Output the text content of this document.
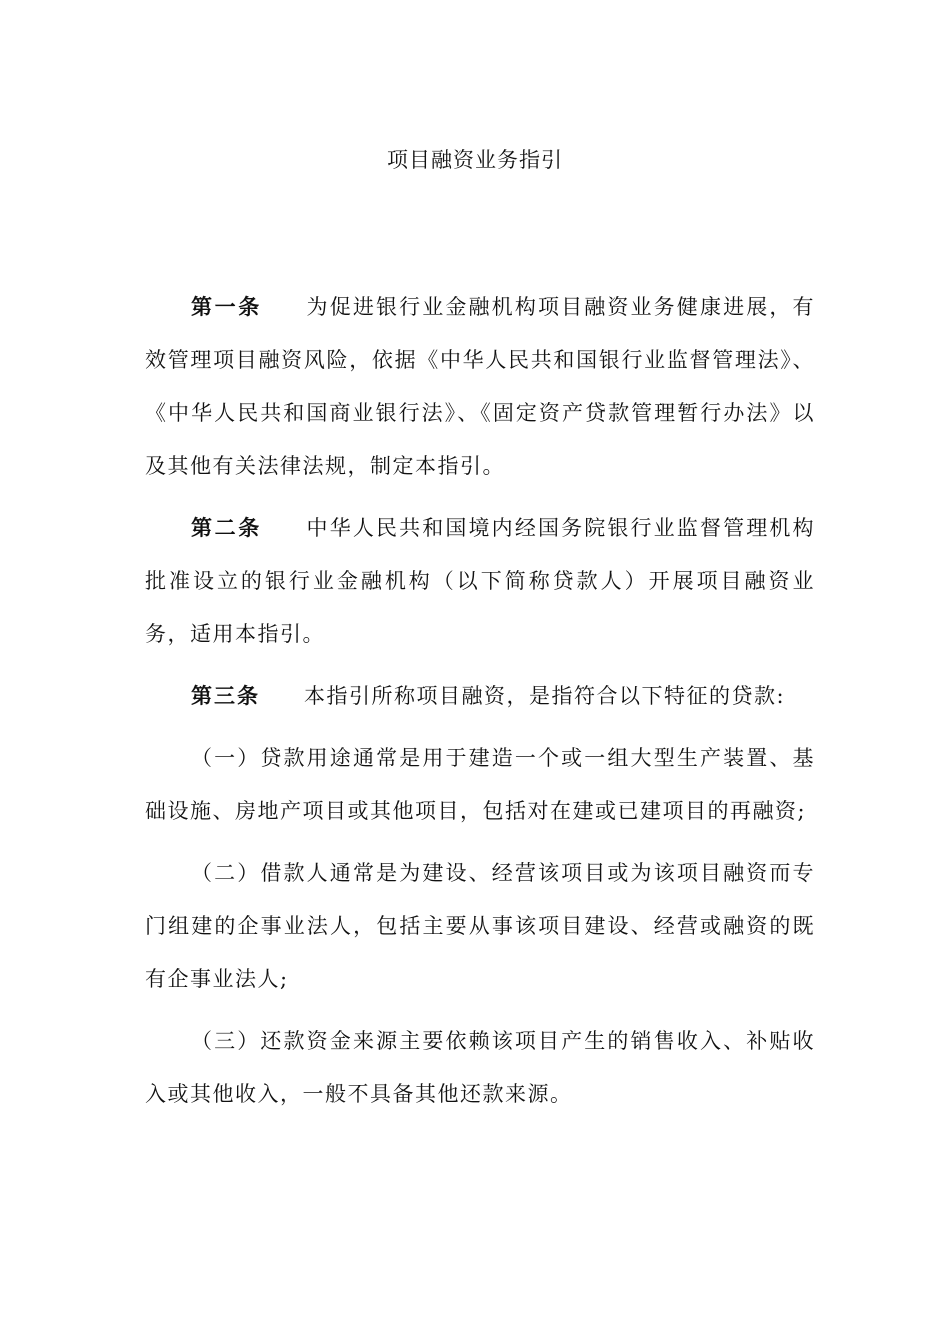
项目融资业务指引

第一条 为促进银行业金融机构项目融资业务健康进展，有效管理项目融资风险，依据《中华人民共和国银行业监督管理法》、《中华人民共和国商业银行法》、《固定资产贷款管理暂行办法》以及其他有关法律法规，制定本指引。

第二条 中华人民共和国境内经国务院银行业监督管理机构批准设立的银行业金融机构（以下简称贷款人）开展项目融资业务，适用本指引。

第三条 本指引所称项目融资，是指符合以下特征的贷款:

（一）贷款用途通常是用于建造一个或一组大型生产装置、基础设施、房地产项目或其他项目，包括对在建或已建项目的再融资;

（二）借款人通常是为建设、经营该项目或为该项目融资而专门组建的企事业法人，包括主要从事该项目建设、经营或融资的既有企事业法人;

（三）还款资金来源主要依赖该项目产生的销售收入、补贴收入或其他收入，一般不具备其他还款来源。
